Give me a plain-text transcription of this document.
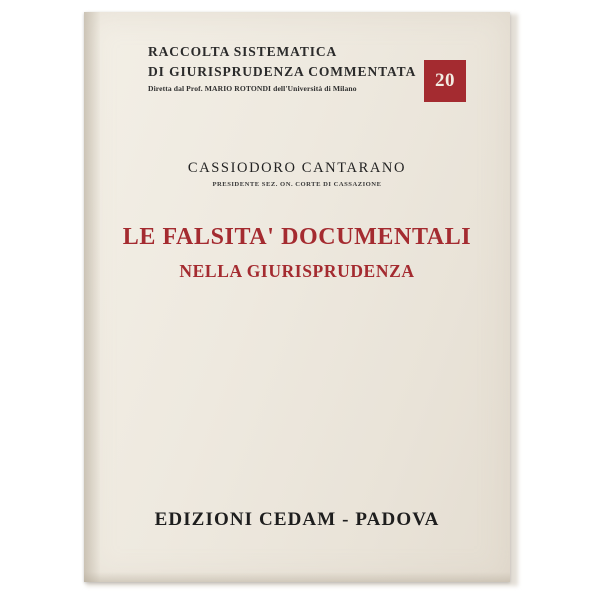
RACCOLTA SISTEMATICA
DI GIURISPRUDENZA COMMENTATA
Diretta dal Prof. MARIO ROTONDI dell'Università di Milano	20
CASSIODORO CANTARANO
PRESIDENTE SEZ. ON. CORTE DI CASSAZIONE
LE FALSITA' DOCUMENTALI
NELLA GIURISPRUDENZA
EDIZIONI CEDAM - PADOVA
